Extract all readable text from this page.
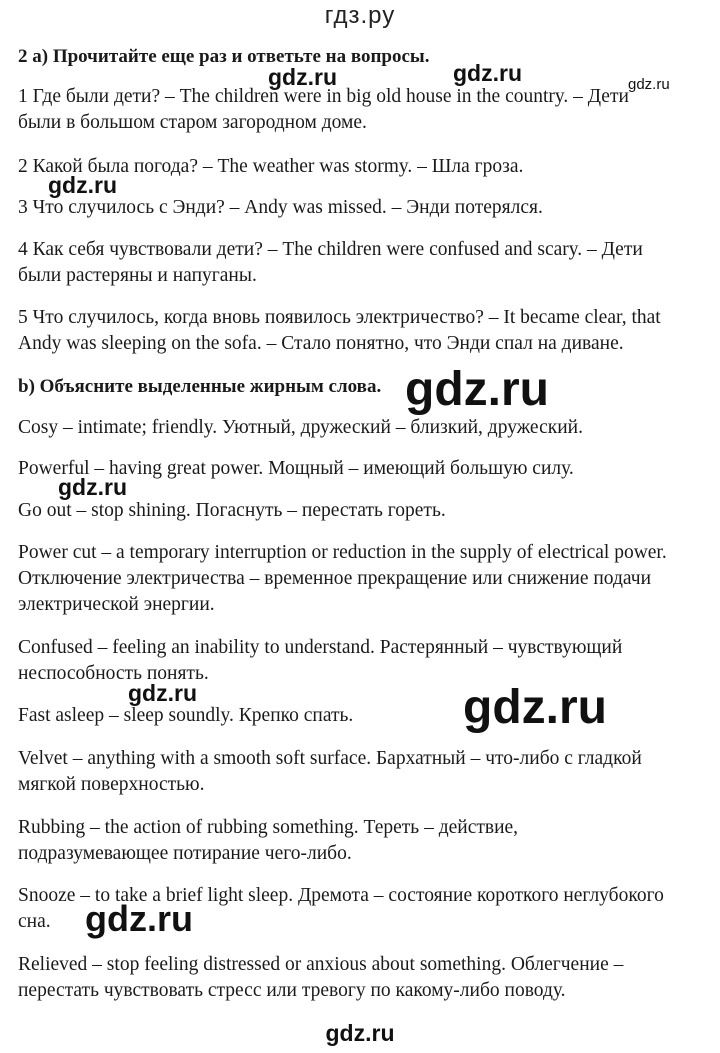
гдз.ру
2 a) Прочитайте еще раз и ответьте на вопросы.
1 Где были дети? – The children were in big old house in the country. – Дети
были в большом старом загородном доме.
2 Какой была погода? – The weather was stormy. – Шла гроза.
3 Что случилось с Энди? – Andy was missed. – Энди потерялся.
4 Как себя чувствовали дети? – The children were confused and scary. – Дети
были растеряны и напуганы.
5 Что случилось, когда вновь появилось электричество? – It became clear, that
Andy was sleeping on the sofa. – Стало понятно, что Энди спал на диване.
b) Объясните выделенные жирным слова.
Cosy – intimate; friendly. Уютный, дружеский – близкий, дружеский.
Powerful – having great power. Мощный – имеющий большую силу.
Go out – stop shining. Погаснуть – перестать гореть.
Power cut – a temporary interruption or reduction in the supply of electrical power.
Отключение электричества – временное прекращение или снижение подачи
электрической энергии.
Confused – feeling an inability to understand. Растерянный – чувствующий
неспособность понять.
Fast asleep – sleep soundly. Крепко спать.
Velvet – anything with a smooth soft surface. Бархатный – что-либо с гладкой
мягкой поверхностью.
Rubbing – the action of rubbing something. Тереть – действие,
подразумевающее потирание чего-либо.
Snooze – to take a brief light sleep. Дремота – состояние короткого неглубокого
сна.
Relieved – stop feeling distressed or anxious about something. Облегчение –
перестать чувствовать стресс или тревогу по какому-либо поводу.
gdz.ru	gdz.ru	gdz.ru
gdz.ru
gdz.ru
gdz.ru
gdz.ru	gdz.ru
gdz.ru
gdz.ru
